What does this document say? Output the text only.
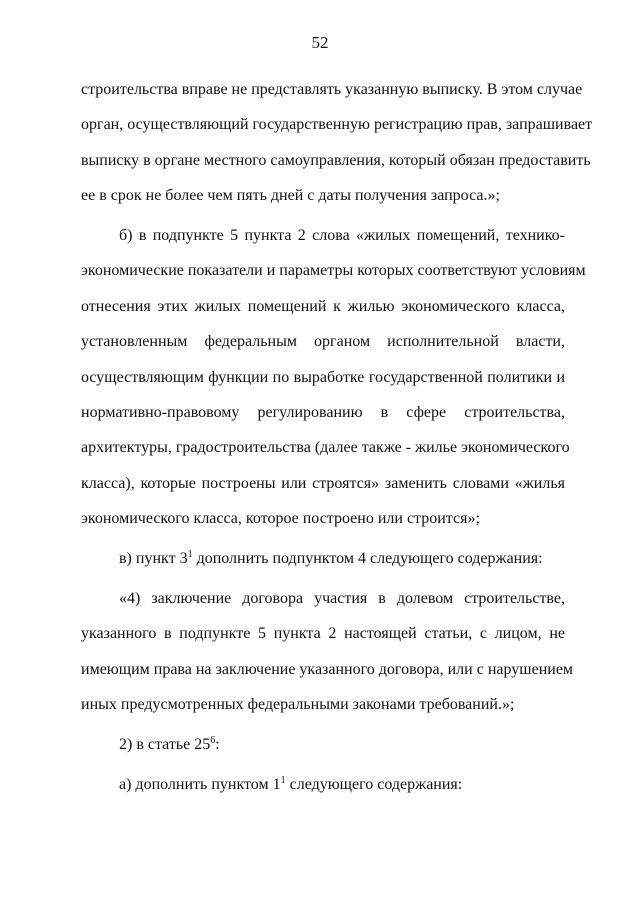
52
строительства вправе не представлять указанную выписку. В этом случае
орган, осуществляющий государственную регистрацию прав, запрашивает
выписку в органе местного самоуправления, который обязан предоставить
ее в срок не более чем пять дней с даты получения запроса.»;
б) в подпункте 5 пункта 2 слова «жилых помещений, технико-
экономические показатели и параметры которых соответствуют условиям
отнесения этих жилых помещений к жилью экономического класса,
установленным федеральным органом исполнительной власти,
осуществляющим функции по выработке государственной политики и
нормативно-правовому регулированию в сфере строительства,
архитектуры, градостроительства (далее также - жилье экономического
класса), которые построены или строятся» заменить словами «жилья
экономического класса, которое построено или строится»;
в) пункт $3^1$ дополнить подпунктом 4 следующего содержания:
«4) заключение договора участия в долевом строительстве,
указанного в подпункте 5 пункта 2 настоящей статьи, с лицом, не
имеющим права на заключение указанного договора, или с нарушением
иных предусмотренных федеральными законами требований.»;
2) в статье $25^6$:
а) дополнить пунктом $1^1$ следующего содержания:
